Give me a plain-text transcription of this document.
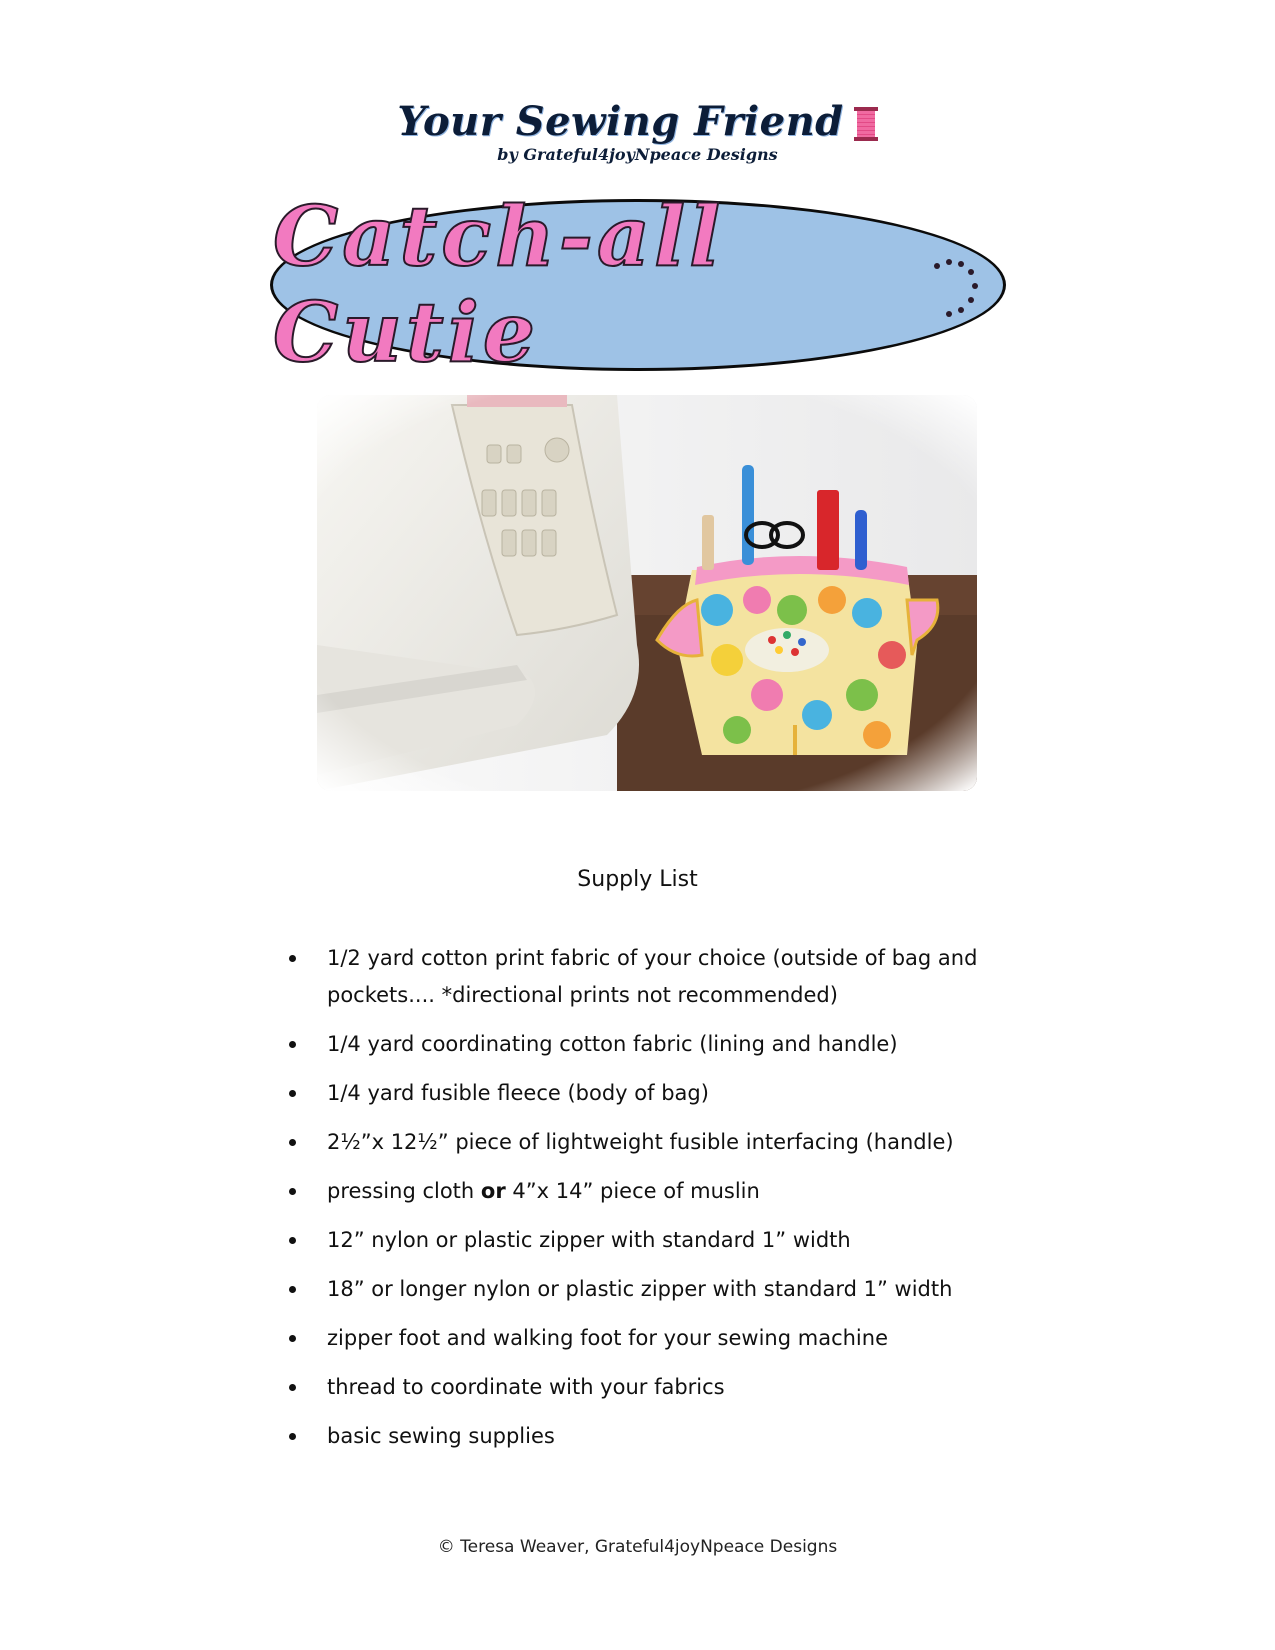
Your Sewing Friend
by Grateful4joyNpeace Designs
Catch-all Cutie
Supply List
1/2 yard cotton print fabric of your choice (outside of bag and
pockets.... *directional prints not recommended)
1/4 yard coordinating cotton fabric (lining and handle)
1/4 yard fusible fleece (body of bag)
2½”x 12½” piece of lightweight fusible interfacing (handle)
pressing cloth or 4”x 14” piece of muslin
12” nylon or plastic zipper with standard 1” width
18” or longer nylon or plastic zipper with standard 1” width
zipper foot and walking foot for your sewing machine
thread to coordinate with your fabrics
basic sewing supplies
© Teresa Weaver, Grateful4joyNpeace Designs
